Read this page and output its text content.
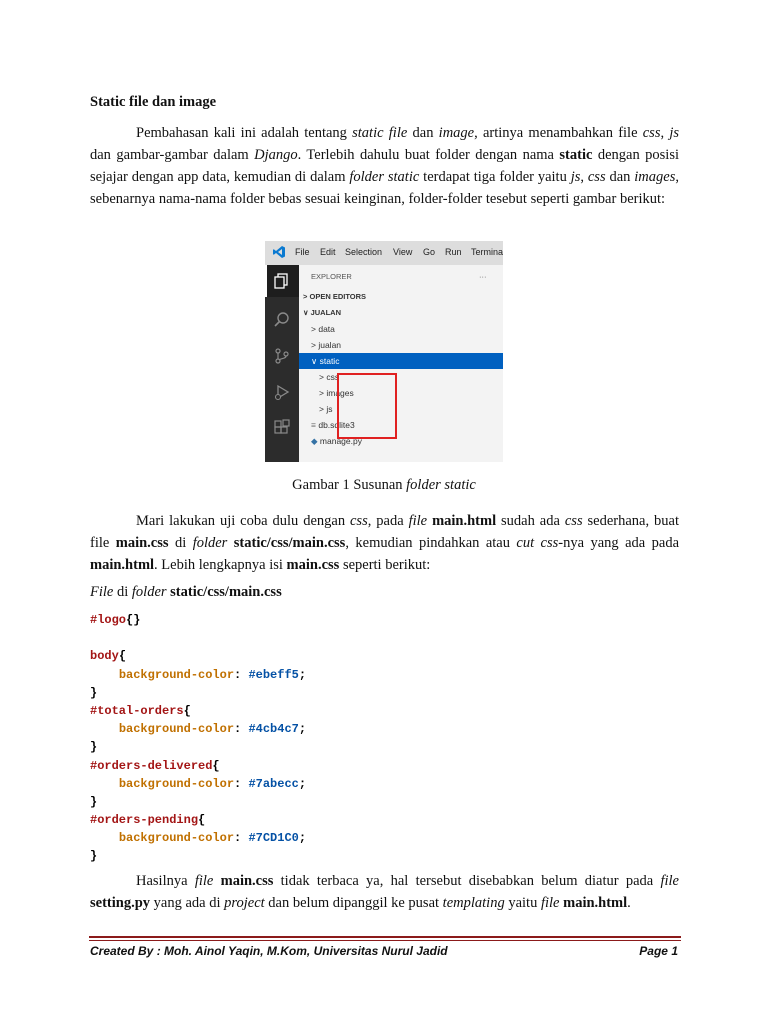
Static file dan image
Pembahasan kali ini adalah tentang static file dan image, artinya menambahkan file css, js dan gambar-gambar dalam Django. Terlebih dahulu buat folder dengan nama static dengan posisi sejajar dengan app data, kemudian di dalam folder static terdapat tiga folder yaitu js, css dan images, sebenarnya nama-nama folder bebas sesuai keinginan, folder-folder tesebut seperti gambar berikut:
File Edit Selection View Go Run Termina
EXPLORER	···
> OPEN EDITORS
∨ JUALAN
> data
> jualan
∨ static
> css
> images
> js
≡ db.sqlite3
◆ manage.py
Gambar 1 Susunan folder static
Mari lakukan uji coba dulu dengan css, pada file main.html sudah ada css sederhana, buat file main.css di folder static/css/main.css, kemudian pindahkan atau cut css-nya yang ada pada main.html. Lebih lengkapnya isi main.css seperti berikut:
File di folder static/css/main.css
#logo{}

body{
background-color: #ebeff5;
}
#total-orders{
background-color: #4cb4c7;
}
#orders-delivered{
background-color: #7abecc;
}
#orders-pending{
background-color: #7CD1C0;
}
Hasilnya file main.css tidak terbaca ya, hal tersebut disebabkan belum diatur pada file setting.py yang ada di project dan belum dipanggil ke pusat templating yaitu file main.html.
Created By : Moh. Ainol Yaqin, M.Kom, Universitas Nurul Jadid	Page 1
